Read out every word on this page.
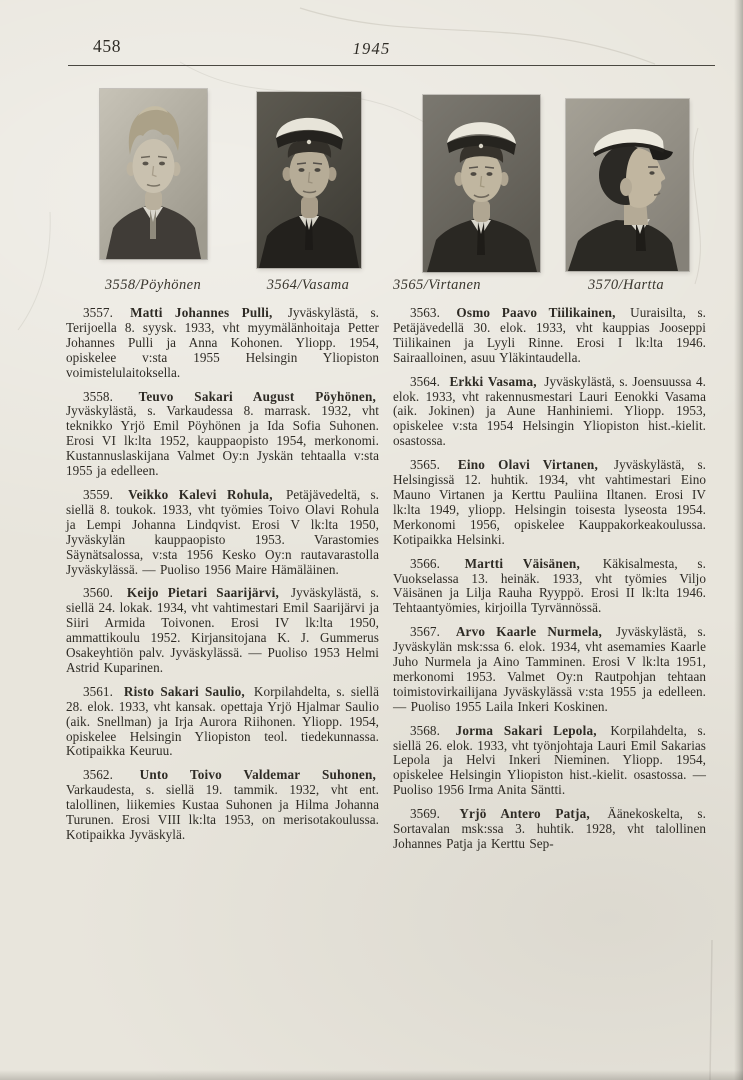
458	1945
3558/Pöyhönen	3564/Vasama	3565/Virtanen	3570/Hartta

3557. Matti Johannes Pulli, Jyväskylästä, s. Terijoella 8. syysk. 1933, vht myymälänhoitaja Petter Johannes Pulli ja Anna Kohonen. Yliopp. 1954, opiskelee v:sta 1955 Helsingin Yliopiston voimistelulaitoksella.

3558. Teuvo Sakari August Pöyhönen, Jyväskylästä, s. Varkaudessa 8. marrask. 1932, vht teknikko Yrjö Emil Pöyhönen ja Ida Sofia Suhonen. Erosi VI lk:lta 1952, kauppaopisto 1954, merkonomi. Kustannuslaskijana Valmet Oy:n Jyskän tehtaalla v:sta 1955 ja edelleen.

3559. Veikko Kalevi Rohula, Petäjävedeltä, s. siellä 8. toukok. 1933, vht työmies Toivo Olavi Rohula ja Lempi Johanna Lindqvist. Erosi V lk:lta 1950, Jyväskylän kauppaopisto 1953. Varastomies Säynätsalossa, v:sta 1956 Kesko Oy:n rautavarastolla Jyväskylässä. — Puoliso 1956 Maire Hämäläinen.

3560. Keijo Pietari Saarijärvi, Jyväskylästä, s. siellä 24. lokak. 1934, vht vahtimestari Emil Saarijärvi ja Siiri Armida Toivonen. Erosi IV lk:lta 1950, ammattikoulu 1952. Kirjansitojana K. J. Gummerus Osakeyhtiön palv. Jyväskylässä. — Puoliso 1953 Helmi Astrid Kuparinen.

3561. Risto Sakari Saulio, Korpilahdelta, s. siellä 28. elok. 1933, vht kansak. opettaja Yrjö Hjalmar Saulio (aik. Snellman) ja Irja Aurora Riihonen. Yliopp. 1954, opiskelee Helsingin Yliopiston teol. tiedekunnassa. Kotipaikka Keuruu.

3562. Unto Toivo Valdemar Suhonen, Varkaudesta, s. siellä 19. tammik. 1932, vht ent. talollinen, liikemies Kustaa Suhonen ja Hilma Johanna Turunen. Erosi VIII lk:lta 1953, on merisotakoulussa. Kotipaikka Jyväskylä.

3563. Osmo Paavo Tiilikainen, Uuraisilta, s. Petäjävedellä 30. elok. 1933, vht kauppias Jooseppi Tiilikainen ja Lyyli Rinne. Erosi I lk:lta 1946. Sairaalloinen, asuu Yläkintaudella.

3564. Erkki Vasama, Jyväskylästä, s. Joensuussa 4. elok. 1933, vht rakennusmestari Lauri Eenokki Vasama (aik. Jokinen) ja Aune Hanhiniemi. Yliopp. 1953, opiskelee v:sta 1954 Helsingin Yliopiston hist.-kielit. osastossa.

3565. Eino Olavi Virtanen, Jyväskylästä, s. Helsingissä 12. huhtik. 1934, vht vahtimestari Eino Mauno Virtanen ja Kerttu Pauliina Iltanen. Erosi IV lk:lta 1949, yliopp. Helsingin toisesta lyseosta 1954. Merkonomi 1956, opiskelee Kauppakorkeakoulussa. Kotipaikka Helsinki.

3566. Martti Väisänen, Käkisalmesta, s. Vuokselassa 13. heinäk. 1933, vht työmies Viljo Väisänen ja Lilja Rauha Ryyppö. Erosi II lk:lta 1946. Tehtaantyömies, kirjoilla Tyrvännössä.

3567. Arvo Kaarle Nurmela, Jyväskylästä, s. Jyväskylän msk:ssa 6. elok. 1934, vht asemamies Kaarle Juho Nurmela ja Aino Tamminen. Erosi V lk:lta 1951, merkonomi 1953. Valmet Oy:n Rautpohjan tehtaan toimistovirkailijana Jyväskylässä v:sta 1955 ja edelleen. — Puoliso 1955 Laila Inkeri Koskinen.

3568. Jorma Sakari Lepola, Korpilahdelta, s. siellä 26. elok. 1933, vht työnjohtaja Lauri Emil Sakarias Lepola ja Helvi Inkeri Nieminen. Yliopp. 1954, opiskelee Helsingin Yliopiston hist.-kielit. osastossa. — Puoliso 1956 Irma Anita Säntti.

3569. Yrjö Antero Patja, Äänekoskelta, s. Sortavalan msk:ssa 3. huhtik. 1928, vht talollinen Johannes Patja ja Kerttu Sep-
